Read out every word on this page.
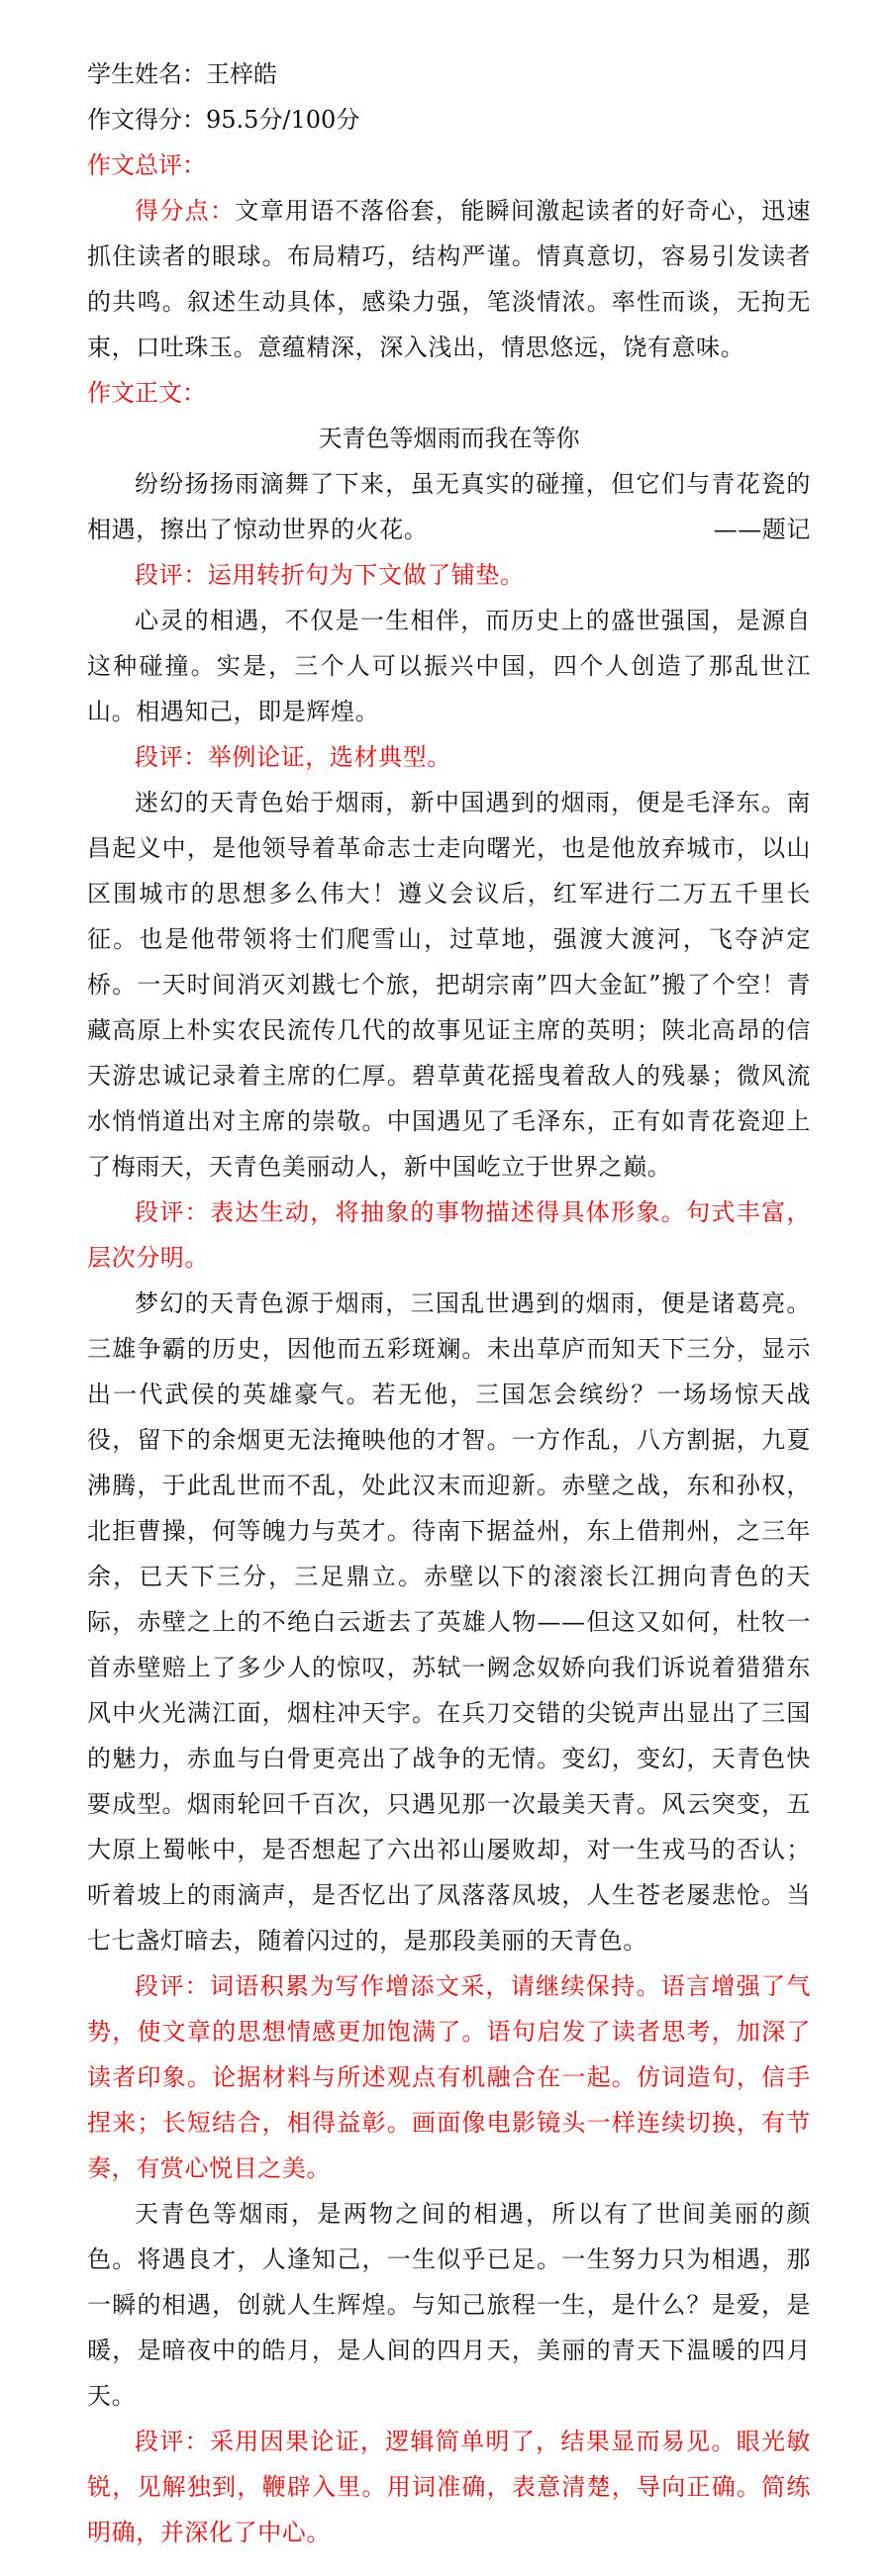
学生姓名：王梓皓

作文得分：95.5分/100分

作文总评：

得分点：文章用语不落俗套，能瞬间激起读者的好奇心，迅速抓住读者的眼球。布局精巧，结构严谨。情真意切，容易引发读者的共鸣。叙述生动具体，感染力强，笔淡情浓。率性而谈，无拘无束，口吐珠玉。意蕴精深，深入浅出，情思悠远，饶有意味。

作文正文：

天青色等烟雨而我在等你

纷纷扬扬雨滴舞了下来，虽无真实的碰撞，但它们与青花瓷的相遇，擦出了惊动世界的火花。	——题记

段评：运用转折句为下文做了铺垫。

心灵的相遇，不仅是一生相伴，而历史上的盛世强国，是源自这种碰撞。实是，三个人可以振兴中国，四个人创造了那乱世江山。相遇知己，即是辉煌。

段评：举例论证，选材典型。

迷幻的天青色始于烟雨，新中国遇到的烟雨，便是毛泽东。南昌起义中，是他领导着革命志士走向曙光，也是他放弃城市，以山区围城市的思想多么伟大！遵义会议后，红军进行二万五千里长征。也是他带领将士们爬雪山，过草地，强渡大渡河，飞夺泸定桥。一天时间消灭刘戡七个旅，把胡宗南”四大金缸”搬了个空！青藏高原上朴实农民流传几代的故事见证主席的英明；陕北高昂的信天游忠诚记录着主席的仁厚。碧草黄花摇曳着敌人的残暴；微风流水悄悄道出对主席的崇敬。中国遇见了毛泽东，正有如青花瓷迎上了梅雨天，天青色美丽动人，新中国屹立于世界之巅。

段评：表达生动，将抽象的事物描述得具体形象。句式丰富，层次分明。

梦幻的天青色源于烟雨，三国乱世遇到的烟雨，便是诸葛亮。三雄争霸的历史，因他而五彩斑斓。未出草庐而知天下三分，显示出一代武侯的英雄豪气。若无他，三国怎会缤纷？一场场惊天战役，留下的余烟更无法掩映他的才智。一方作乱，八方割据，九夏沸腾，于此乱世而不乱，处此汉末而迎新。赤壁之战，东和孙权，北拒曹操，何等魄力与英才。待南下据益州，东上借荆州，之三年余，已天下三分，三足鼎立。赤壁以下的滚滚长江拥向青色的天际，赤壁之上的不绝白云逝去了英雄人物——但这又如何，杜牧一首赤壁赔上了多少人的惊叹，苏轼一阙念奴娇向我们诉说着猎猎东风中火光满江面，烟柱冲天宇。在兵刀交错的尖锐声出显出了三国的魅力，赤血与白骨更亮出了战争的无情。变幻，变幻，天青色快要成型。烟雨轮回千百次，只遇见那一次最美天青。风云突变，五大原上蜀帐中，是否想起了六出祁山屡败却，对一生戎马的否认；听着坡上的雨滴声，是否忆出了凤落落凤坡，人生苍老屡悲怆。当七七盏灯暗去，随着闪过的，是那段美丽的天青色。

段评：词语积累为写作增添文采，请继续保持。语言增强了气势，使文章的思想情感更加饱满了。语句启发了读者思考，加深了读者印象。论据材料与所述观点有机融合在一起。仿词造句，信手捏来；长短结合，相得益彰。画面像电影镜头一样连续切换，有节奏，有赏心悦目之美。

天青色等烟雨，是两物之间的相遇，所以有了世间美丽的颜色。将遇良才，人逢知己，一生似乎已足。一生努力只为相遇，那一瞬的相遇，创就人生辉煌。与知己旅程一生，是什么？是爱，是暖，是暗夜中的皓月，是人间的四月天，美丽的青天下温暖的四月天。

段评：采用因果论证，逻辑简单明了，结果显而易见。眼光敏锐，见解独到，鞭辟入里。用词准确，表意清楚，导向正确。简练明确，并深化了中心。
